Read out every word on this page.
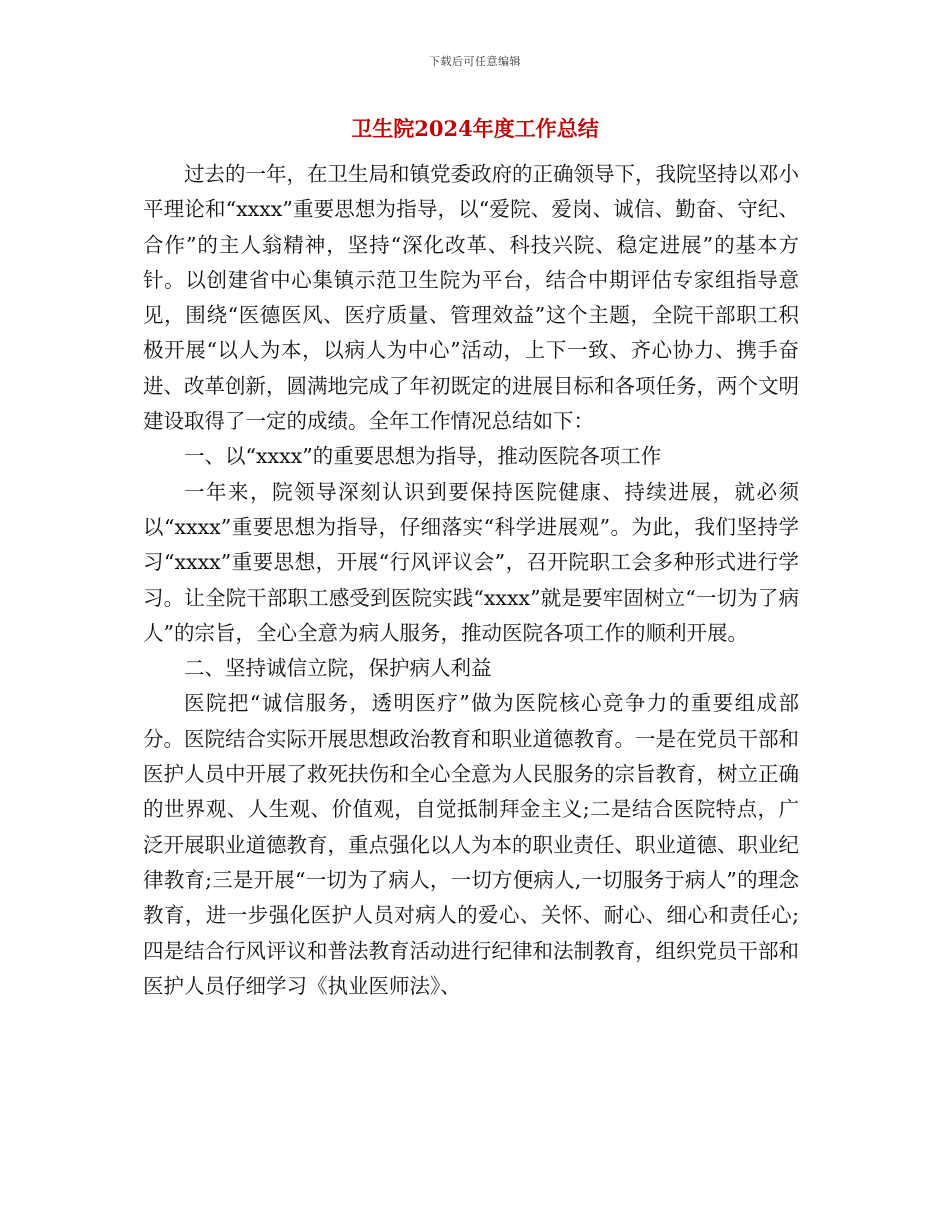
下载后可任意编辑
卫生院2024年度工作总结

过去的一年，在卫生局和镇党委政府的正确领导下，我院坚持以邓小平理论和“xxxx”重要思想为指导，以“爱院、爱岗、诚信、勤奋、守纪、合作”的主人翁精神，坚持“深化改革、科技兴院、稳定进展”的基本方针。以创建省中心集镇示范卫生院为平台，结合中期评估专家组指导意见，围绕“医德医风、医疗质量、管理效益”这个主题，全院干部职工积极开展“以人为本，以病人为中心”活动，上下一致、齐心协力、携手奋进、改革创新，圆满地完成了年初既定的进展目标和各项任务，两个文明建设取得了一定的成绩。全年工作情况总结如下：

一、以“xxxx”的重要思想为指导，推动医院各项工作

一年来，院领导深刻认识到要保持医院健康、持续进展，就必须以“xxxx”重要思想为指导，仔细落实“科学进展观”。为此，我们坚持学习“xxxx”重要思想，开展“行风评议会”，召开院职工会多种形式进行学习。让全院干部职工感受到医院实践“xxxx”就是要牢固树立“一切为了病人”的宗旨，全心全意为病人服务，推动医院各项工作的顺利开展。

二、坚持诚信立院，保护病人利益

医院把“诚信服务，透明医疗”做为医院核心竞争力的重要组成部分。医院结合实际开展思想政治教育和职业道德教育。一是在党员干部和医护人员中开展了救死扶伤和全心全意为人民服务的宗旨教育，树立正确的世界观、人生观、价值观，自觉抵制拜金主义;二是结合医院特点，广泛开展职业道德教育，重点强化以人为本的职业责任、职业道德、职业纪律教育;三是开展“一切为了病人，一切方便病人,一切服务于病人”的理念教育，进一步强化医护人员对病人的爱心、关怀、耐心、细心和责任心;四是结合行风评议和普法教育活动进行纪律和法制教育，组织党员干部和医护人员仔细学习《执业医师法》、
